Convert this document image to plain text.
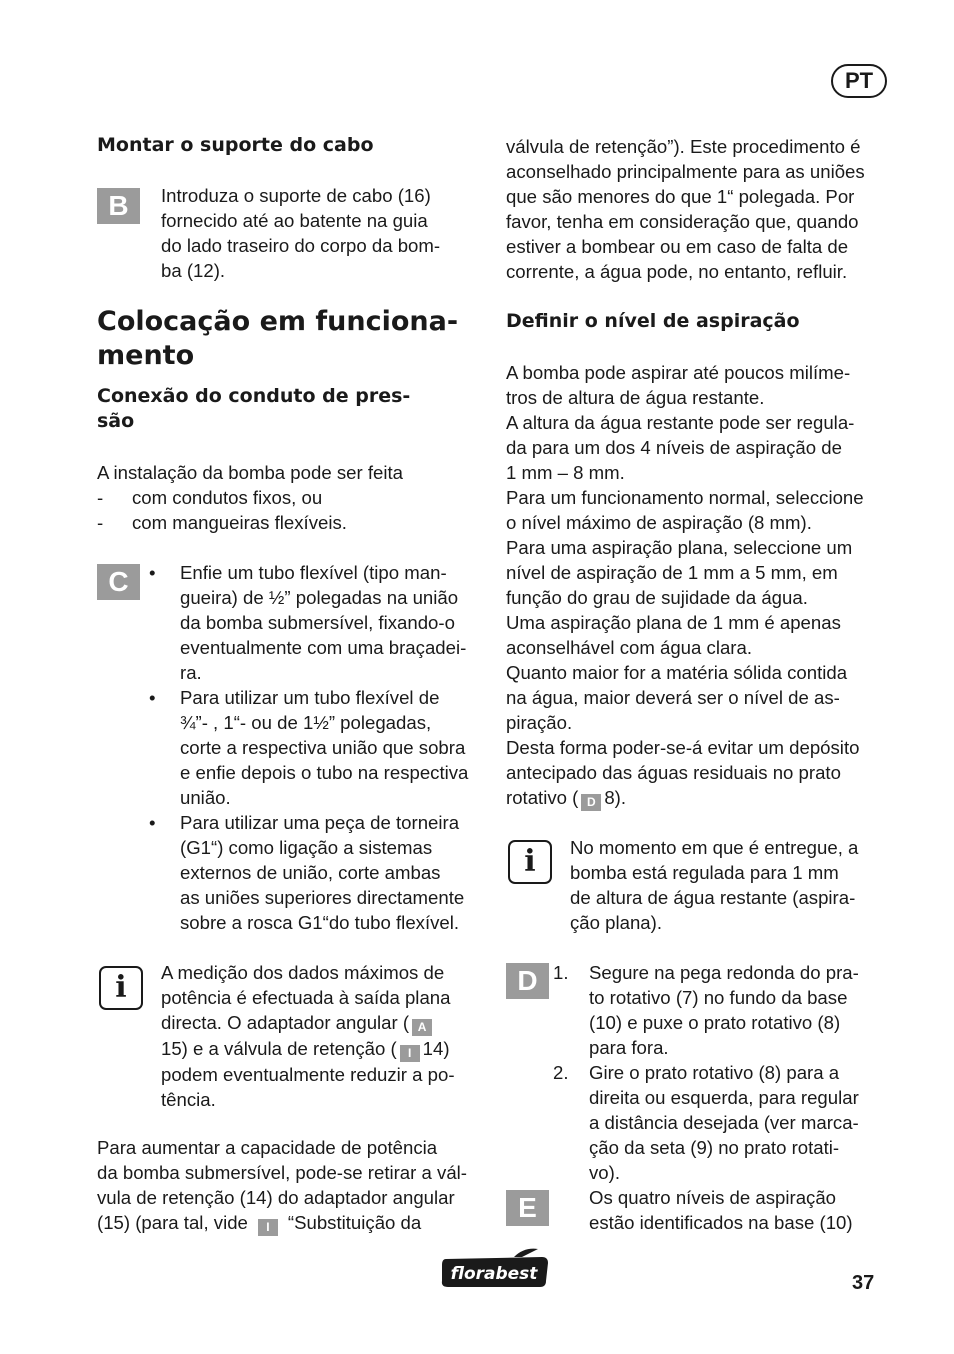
PT
Montar o suporte do cabo
B	Introduza o suporte de cabo (16)
fornecido até ao batente na guia
do lado traseiro do corpo da bom-
ba (12).
Colocação em funciona-
mento
Conexão do conduto de pres-
são
A instalação da bomba pode ser feita
- com condutos fixos, ou
- com mangueiras flexíveis.
C	• Enfie um tubo flexível (tipo man-
gueira) de ½” polegadas na união
da bomba submersível, fixando-o
eventualmente com uma braçadei-
ra.
• Para utilizar um tubo flexível de
¾”- , 1“- ou de 1½” polegadas,
corte a respectiva união que sobra
e enfie depois o tubo na respectiva
união.
• Para utilizar uma peça de torneira
(G1“) como ligação a sistemas
externos de união, corte ambas
as uniões superiores directamente
sobre a rosca G1“do tubo flexível.
i	A medição dos dados máximos de
potência é efectuada à saída plana
directa. O adaptador angular ( A
15) e a válvula de retenção ( I 14)
podem eventualmente reduzir a po-
tência.
Para aumentar a capacidade de potência
da bomba submersível, pode-se retirar a vál-
vula de retenção (14) do adaptador angular
(15) (para tal, vide I “Substituição da
válvula de retenção”). Este procedimento é
aconselhado principalmente para as uniões
que são menores do que 1“ polegada. Por
favor, tenha em consideração que, quando
estiver a bombear ou em caso de falta de
corrente, a água pode, no entanto, refluir.
Definir o nível de aspiração
A bomba pode aspirar até poucos milíme-
tros de altura de água restante.
A altura da água restante pode ser regula-
da para um dos 4 níveis de aspiração de
1 mm – 8 mm.
Para um funcionamento normal, seleccione
o nível máximo de aspiração (8 mm).
Para uma aspiração plana, seleccione um
nível de aspiração de 1 mm a 5 mm, em
função do grau de sujidade da água.
Uma aspiração plana de 1 mm é apenas
aconselhável com água clara.
Quanto maior for a matéria sólida contida
na água, maior deverá ser o nível de as-
piração.
Desta forma poder-se-á evitar um depósito
antecipado das águas residuais no prato
rotativo ( D 8).
i	No momento em que é entregue, a
bomba está regulada para 1 mm
de altura de água restante (aspira-
ção plana).
D 1. Segure na pega redonda do pra-
to rotativo (7) no fundo da base
(10) e puxe o prato rotativo (8)
para fora.
2. Gire o prato rotativo (8) para a
direita ou esquerda, para regular
a distância desejada (ver marca-
ção da seta (9) no prato rotati-
vo).
E	Os quatro níveis de aspiração
estão identificados na base (10)
florabest	37
